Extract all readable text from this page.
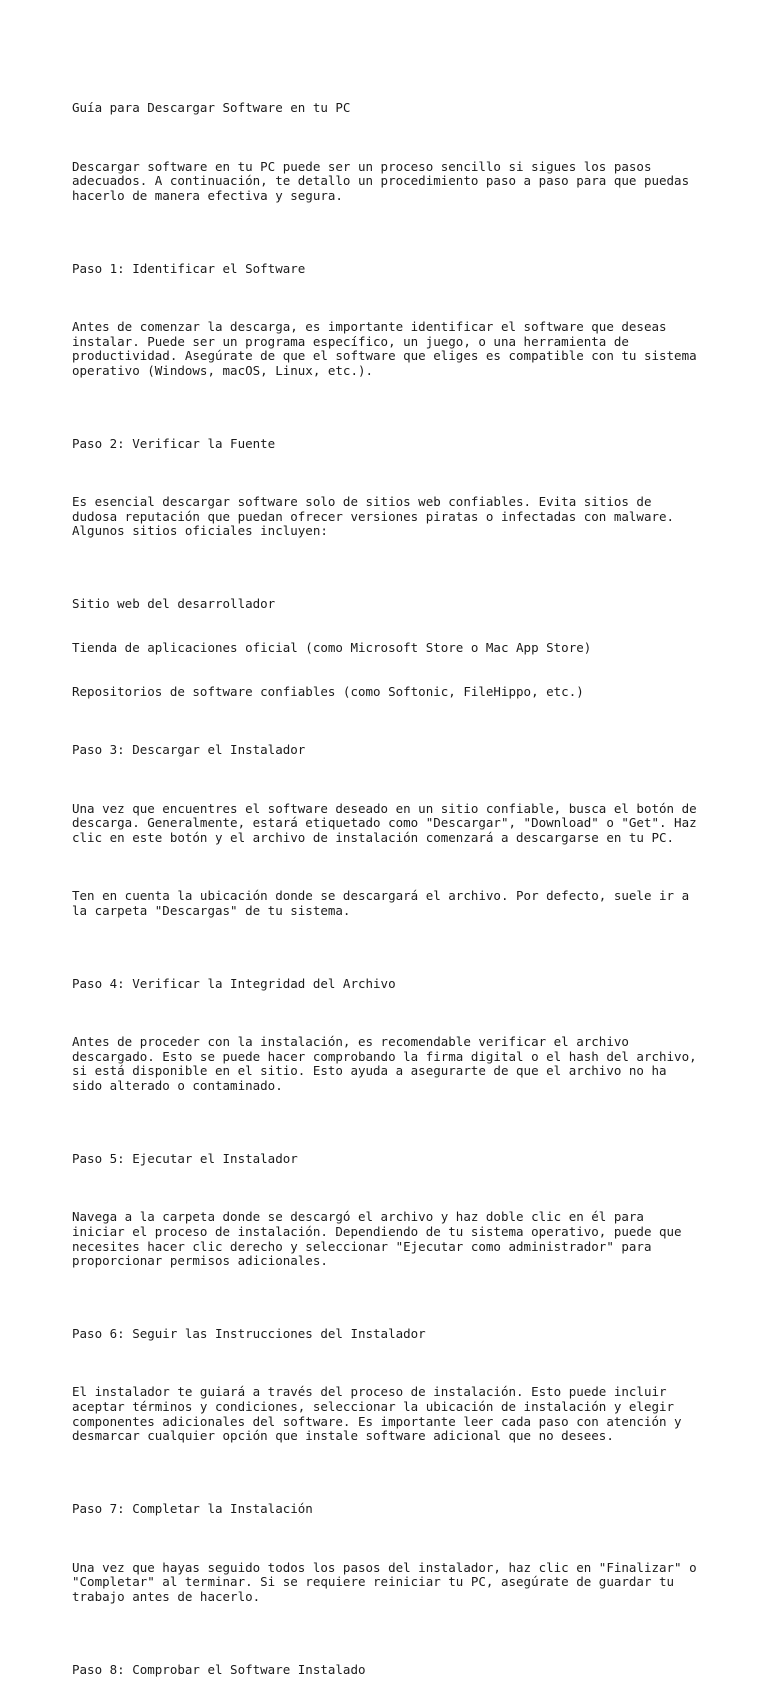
Guía para Descargar Software en tu PC

Descargar software en tu PC puede ser un proceso sencillo si sigues los pasos
adecuados. A continuación, te detallo un procedimiento paso a paso para que puedas
hacerlo de manera efectiva y segura.

Paso 1: Identificar el Software

Antes de comenzar la descarga, es importante identificar el software que deseas
instalar. Puede ser un programa específico, un juego, o una herramienta de
productividad. Asegúrate de que el software que eliges es compatible con tu sistema
operativo (Windows, macOS, Linux, etc.).

Paso 2: Verificar la Fuente

Es esencial descargar software solo de sitios web confiables. Evita sitios de
dudosa reputación que puedan ofrecer versiones piratas o infectadas con malware.
Algunos sitios oficiales incluyen:

Sitio web del desarrollador

Tienda de aplicaciones oficial (como Microsoft Store o Mac App Store)

Repositorios de software confiables (como Softonic, FileHippo, etc.)

Paso 3: Descargar el Instalador

Una vez que encuentres el software deseado en un sitio confiable, busca el botón de
descarga. Generalmente, estará etiquetado como "Descargar", "Download" o "Get". Haz
clic en este botón y el archivo de instalación comenzará a descargarse en tu PC.

Ten en cuenta la ubicación donde se descargará el archivo. Por defecto, suele ir a
la carpeta "Descargas" de tu sistema.

Paso 4: Verificar la Integridad del Archivo

Antes de proceder con la instalación, es recomendable verificar el archivo
descargado. Esto se puede hacer comprobando la firma digital o el hash del archivo,
si está disponible en el sitio. Esto ayuda a asegurarte de que el archivo no ha
sido alterado o contaminado.

Paso 5: Ejecutar el Instalador

Navega a la carpeta donde se descargó el archivo y haz doble clic en él para
iniciar el proceso de instalación. Dependiendo de tu sistema operativo, puede que
necesites hacer clic derecho y seleccionar "Ejecutar como administrador" para
proporcionar permisos adicionales.

Paso 6: Seguir las Instrucciones del Instalador

El instalador te guiará a través del proceso de instalación. Esto puede incluir
aceptar términos y condiciones, seleccionar la ubicación de instalación y elegir
componentes adicionales del software. Es importante leer cada paso con atención y
desmarcar cualquier opción que instale software adicional que no desees.

Paso 7: Completar la Instalación

Una vez que hayas seguido todos los pasos del instalador, haz clic en "Finalizar" o
"Completar" al terminar. Si se requiere reiniciar tu PC, asegúrate de guardar tu
trabajo antes de hacerlo.

Paso 8: Comprobar el Software Instalado
